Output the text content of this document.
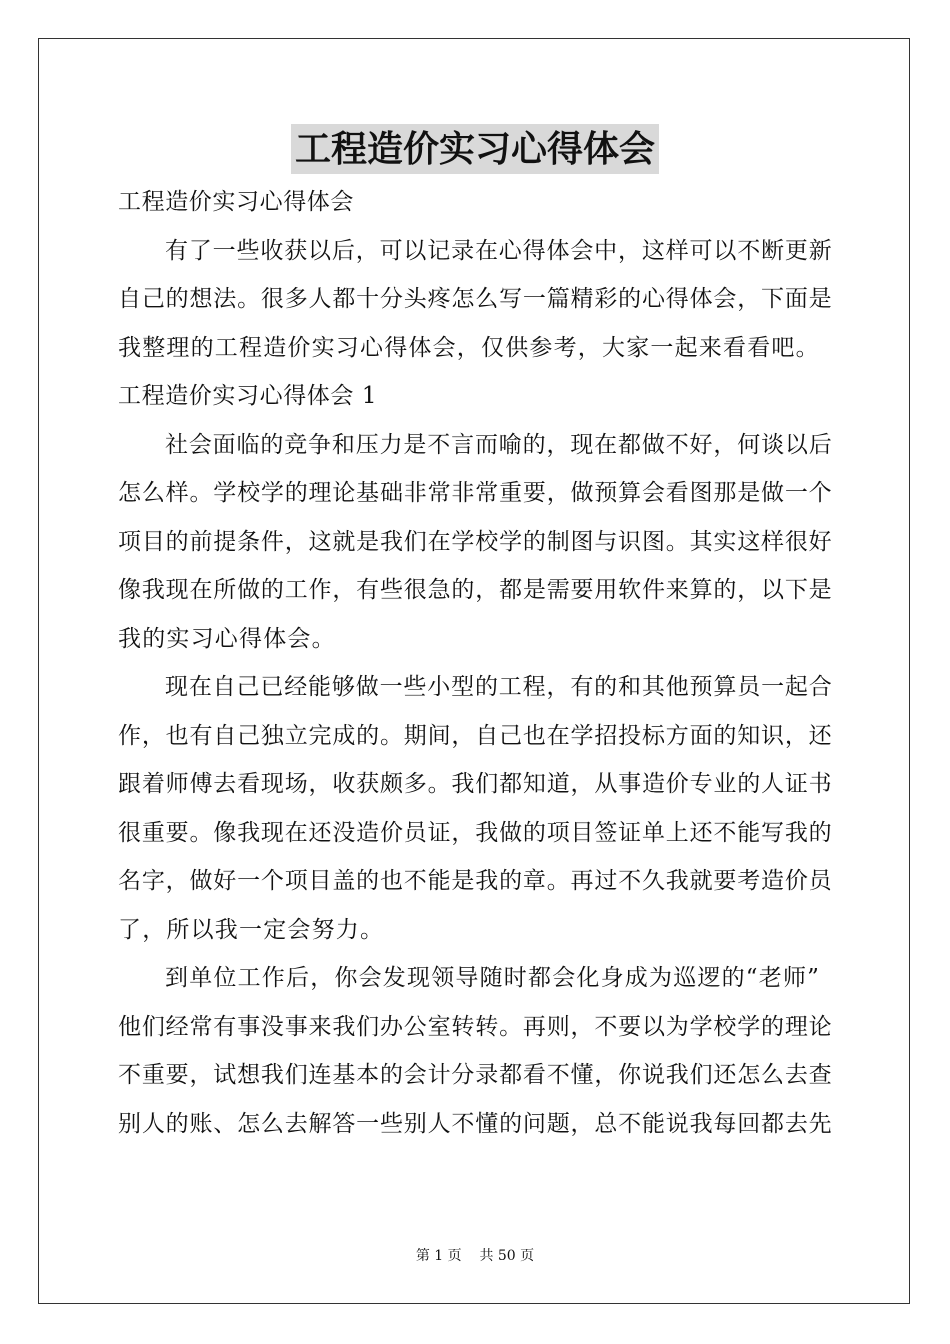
工程造价实习心得体会
工程造价实习心得体会
有了一些收获以后，可以记录在心得体会中，这样可以不断更新
自己的想法。很多人都十分头疼怎么写一篇精彩的心得体会，下面是
我整理的工程造价实习心得体会，仅供参考，大家一起来看看吧。
工程造价实习心得体会 1
社会面临的竞争和压力是不言而喻的，现在都做不好，何谈以后
怎么样。学校学的理论基础非常非常重要，做预算会看图那是做一个
项目的前提条件，这就是我们在学校学的制图与识图。其实这样很好
像我现在所做的工作，有些很急的，都是需要用软件来算的，以下是
我的实习心得体会。
现在自己已经能够做一些小型的工程，有的和其他预算员一起合
作，也有自己独立完成的。期间，自己也在学招投标方面的知识，还
跟着师傅去看现场，收获颇多。我们都知道，从事造价专业的人证书
很重要。像我现在还没造价员证，我做的项目签证单上还不能写我的
名字，做好一个项目盖的也不能是我的章。再过不久我就要考造价员
了，所以我一定会努力。
到单位工作后，你会发现领导随时都会化身成为巡逻的“老师”
他们经常有事没事来我们办公室转转。再则，不要以为学校学的理论
不重要，试想我们连基本的会计分录都看不懂，你说我们还怎么去查
别人的账、怎么去解答一些别人不懂的问题，总不能说我每回都去先
第 1 页 共 50 页
